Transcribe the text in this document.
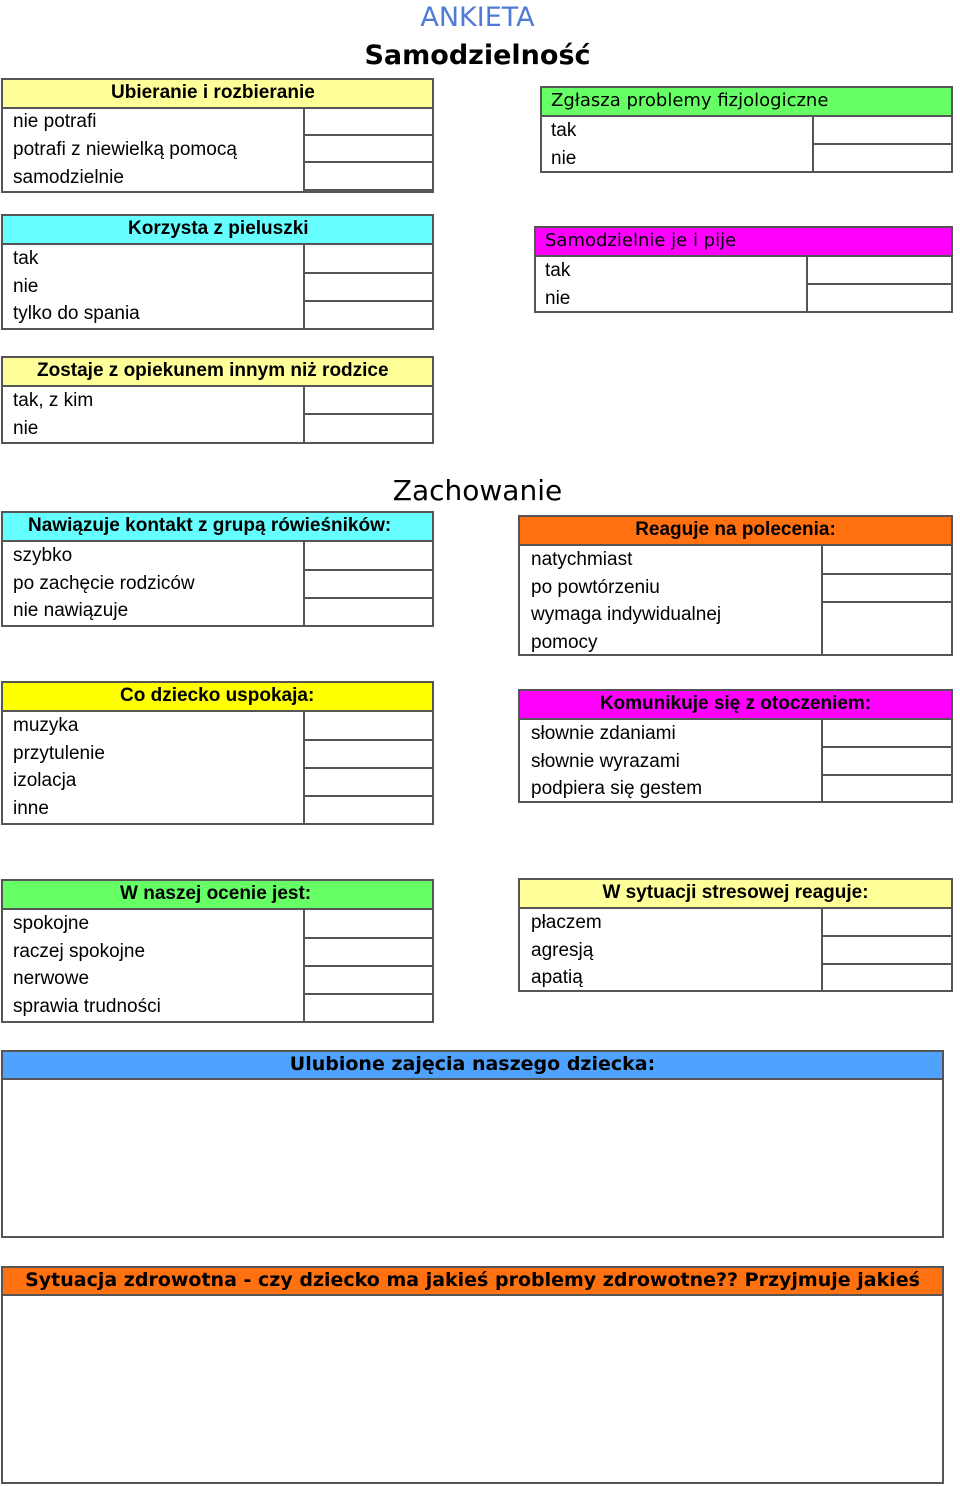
ANKIETA
Samodzielność
Zachowanie
Ubieranie i rozbieranie
nie potrafi
potrafi z niewielką pomocą
samodzielnie
Zgłasza problemy fizjologiczne
tak
nie
Korzysta z pieluszki
tak
nie
tylko do spania
Samodzielnie je i pije
tak
nie
Zostaje z opiekunem innym niż rodzice
tak, z kim
nie
Nawiązuje kontakt z grupą rówieśników:
szybko
po zachęcie rodziców
nie nawiązuje
Reaguje na polecenia:
natychmiast
po powtórzeniu
wymaga indywidualnej
pomocy
Co dziecko uspokaja:
muzyka
przytulenie
izolacja
inne
Komunikuje się z otoczeniem:
słownie zdaniami
słownie wyrazami
podpiera się gestem
W naszej ocenie jest:
spokojne
raczej spokojne
nerwowe
sprawia trudności
W sytuacji stresowej reaguje:
płaczem
agresją
apatią
Ulubione zajęcia naszego dziecka:
Sytuacja zdrowotna - czy dziecko ma jakieś problemy zdrowotne?? Przyjmuje jakieś
